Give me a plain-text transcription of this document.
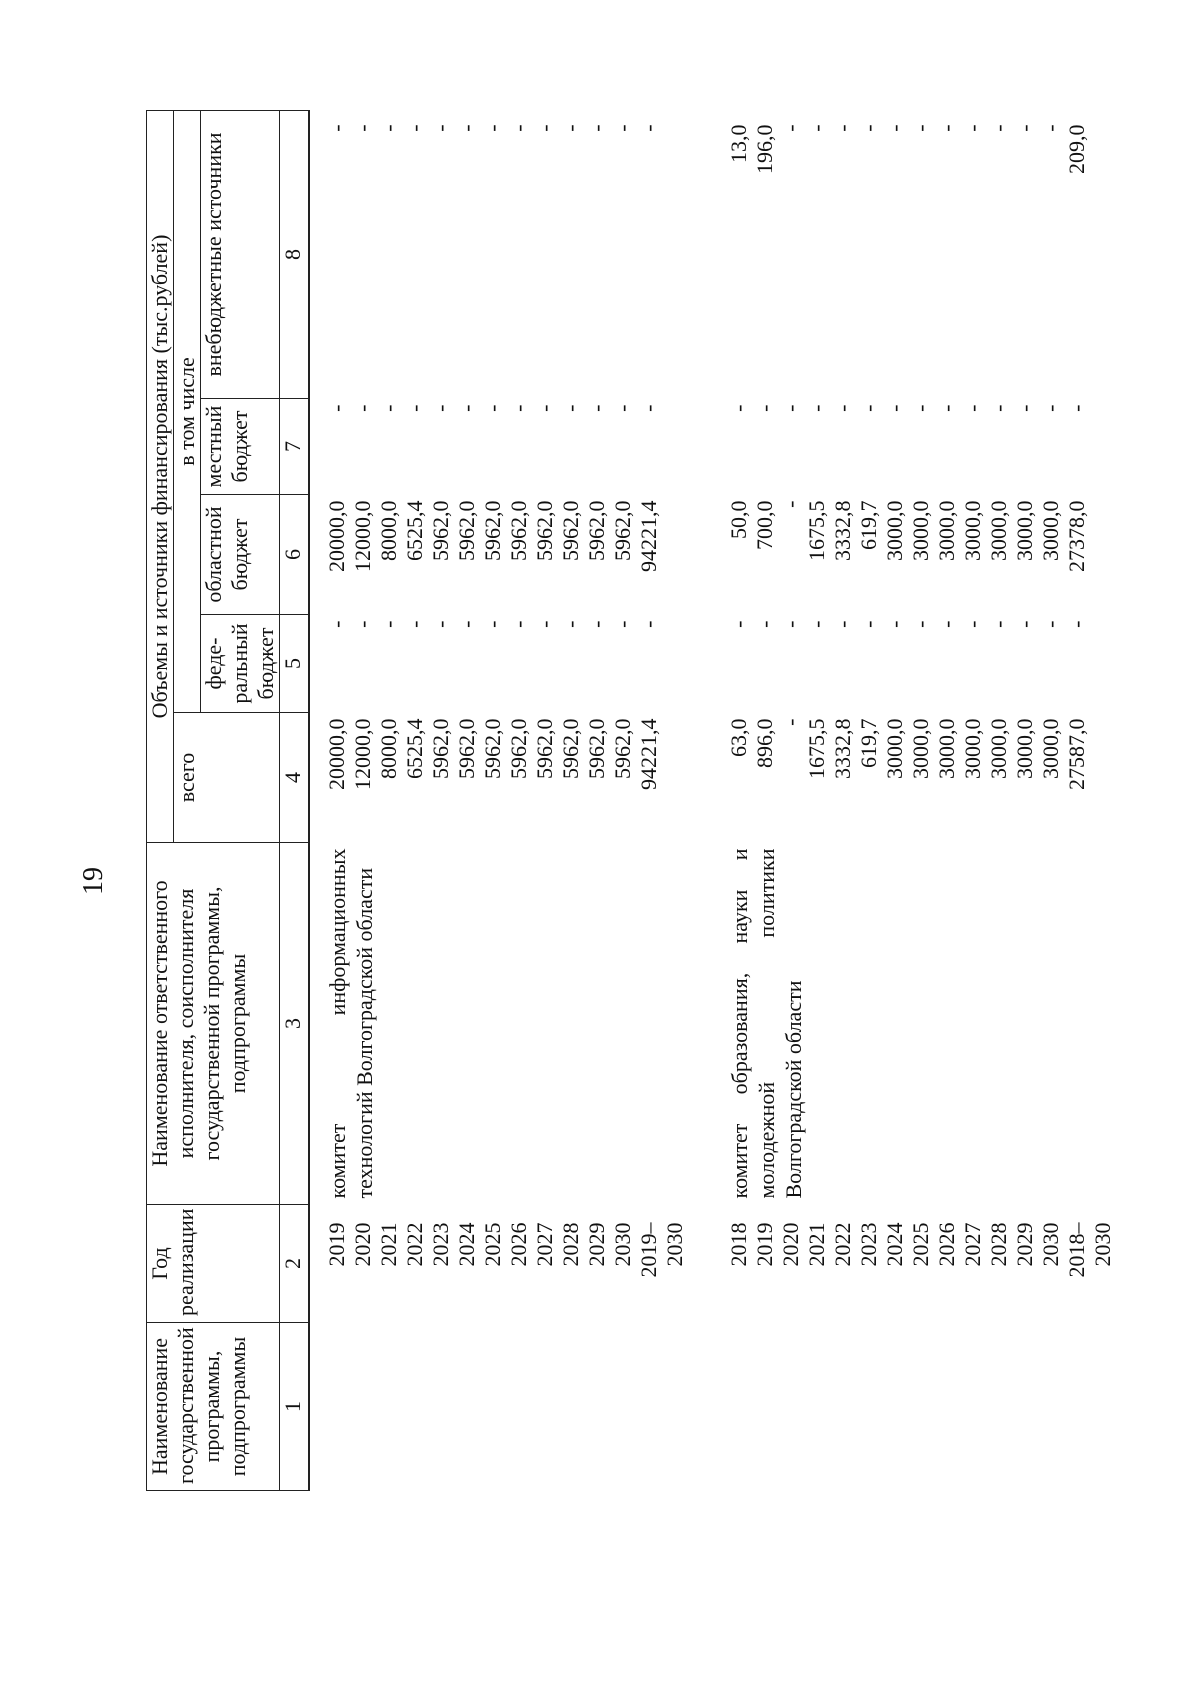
19
Наименование государственной программы, подпрограммы	Год реализации	Наименование ответственного исполнителя, соисполнителя государственной программы, подпрограммы	Объемы и источники финансирования (тыс.рублей)				
			всего	в том числе			
				феде-ральный бюджет	областной бюджет	местный бюджет	внебюджетные источники
1	2	3	4	5	6	7	8
	2019	комитет информационных технологий Волгоградской области	20000,0	-	20000,0	-	-
	2020		12000,0	-	12000,0	-	-
	2021		8000,0	-	8000,0	-	-
	2022		6525,4	-	6525,4	-	-
	2023		5962,0	-	5962,0	-	-
	2024		5962,0	-	5962,0	-	-
	2025		5962,0	-	5962,0	-	-
	2026		5962,0	-	5962,0	-	-
	2027		5962,0	-	5962,0	-	-
	2028		5962,0	-	5962,0	-	-
	2029		5962,0	-	5962,0	-	-
	2030		5962,0	-	5962,0	-	-
	2019–2030		94221,4	-	94221,4	-	-
	2018	комитет образования, науки и молодежной политики Волгоградской области	63,0	-	50,0	-	13,0
	2019		896,0	-	700,0	-	196,0
	2020		-	-	-	-	-
	2021		1675,5	-	1675,5	-	-
	2022		3332,8	-	3332,8	-	-
	2023		619,7	-	619,7	-	-
	2024		3000,0	-	3000,0	-	-
	2025		3000,0	-	3000,0	-	-
	2026		3000,0	-	3000,0	-	-
	2027		3000,0	-	3000,0	-	-
	2028		3000,0	-	3000,0	-	-
	2029		3000,0	-	3000,0	-	-
	2030		3000,0	-	3000,0	-	-
	2018–2030		27587,0	-	27378,0	-	209,0
